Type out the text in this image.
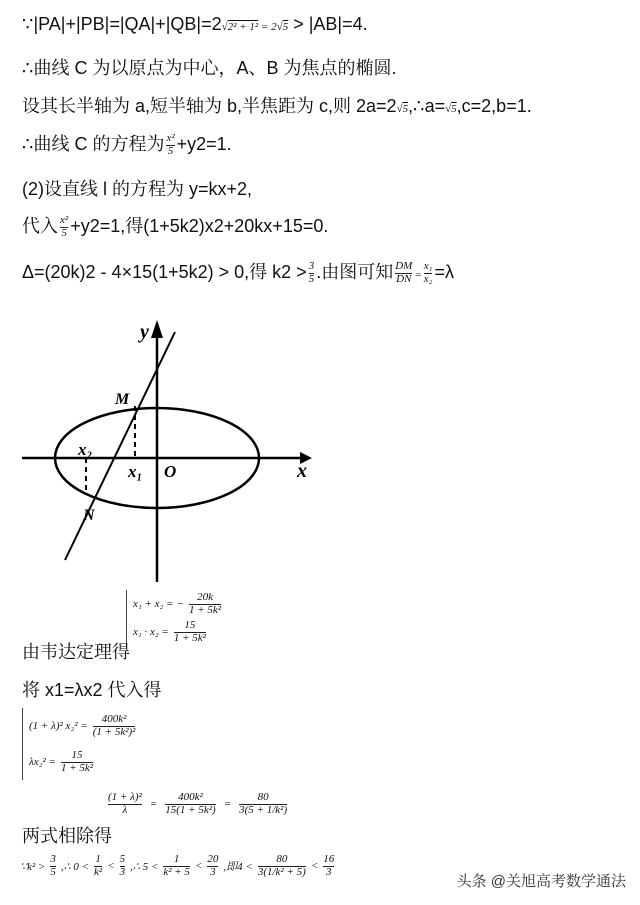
∵|PA|+|PB|=|QA|+|QB|=2√2² + 1² = 2√5 > |AB|=4.
∴曲线 C 为以原点为中心，A、B 为焦点的椭圆.
设其长半轴为 a,短半轴为 b,半焦距为 c,则 2a=2√5,∴a=√5,c=2,b=1.
∴曲线 C 的方程为 $\frac{\text{x²}}{5} +y2=1$.
(2)设直线 l 的方程为 y=kx+2,
代入 $\frac{\text{x²}}{5} +y2=1$,得(1+5k2)x2+20kx+15=0.
Δ=(20k)2 - 4×15(1+5k2) > 0,得 $k2 > \frac{3}{5}$ .由图可知 $\frac{DM}{DN} = \frac{\text{x₁}}{\text{x₂}} =\lambda$
y
x
M
N
O
x₁
x₂
x₁ + x₂ = − $\frac{20k}{\text{1 + 5k²}}$
$x_1 \cdot x_2 = \frac{15}{\text{1 + 5k²}}$
由韦达定理得
将 x1=λx2 代入得
(1 + λ)² $x_2^2 = \frac{\text{400k²}}{\text{(1 + 5k²)²}}$
$\lambda x_2^2 = \frac{15}{\text{1 + 5k²}}$
$\frac{\text{(1 + λ)²}}{\lambda} = \frac{\text{400k²}}{\text{15(1 + 5k²)}} = \frac{80}{\text{3(5 + 1/k²)}}$
两式相除得
∵k² > $\frac{3}{5}$ ,∴ $0 < \frac{1}{\text{k²}} < \frac{5}{3}$ ,∴ $5 < \frac{1}{\text{k² + 5}} < \frac{20}{3}$ ,即$4 < \frac{80}{\text{3(1/k² + 5)}} < \frac{16}{3}$
头条 @关旭高考数学通法
